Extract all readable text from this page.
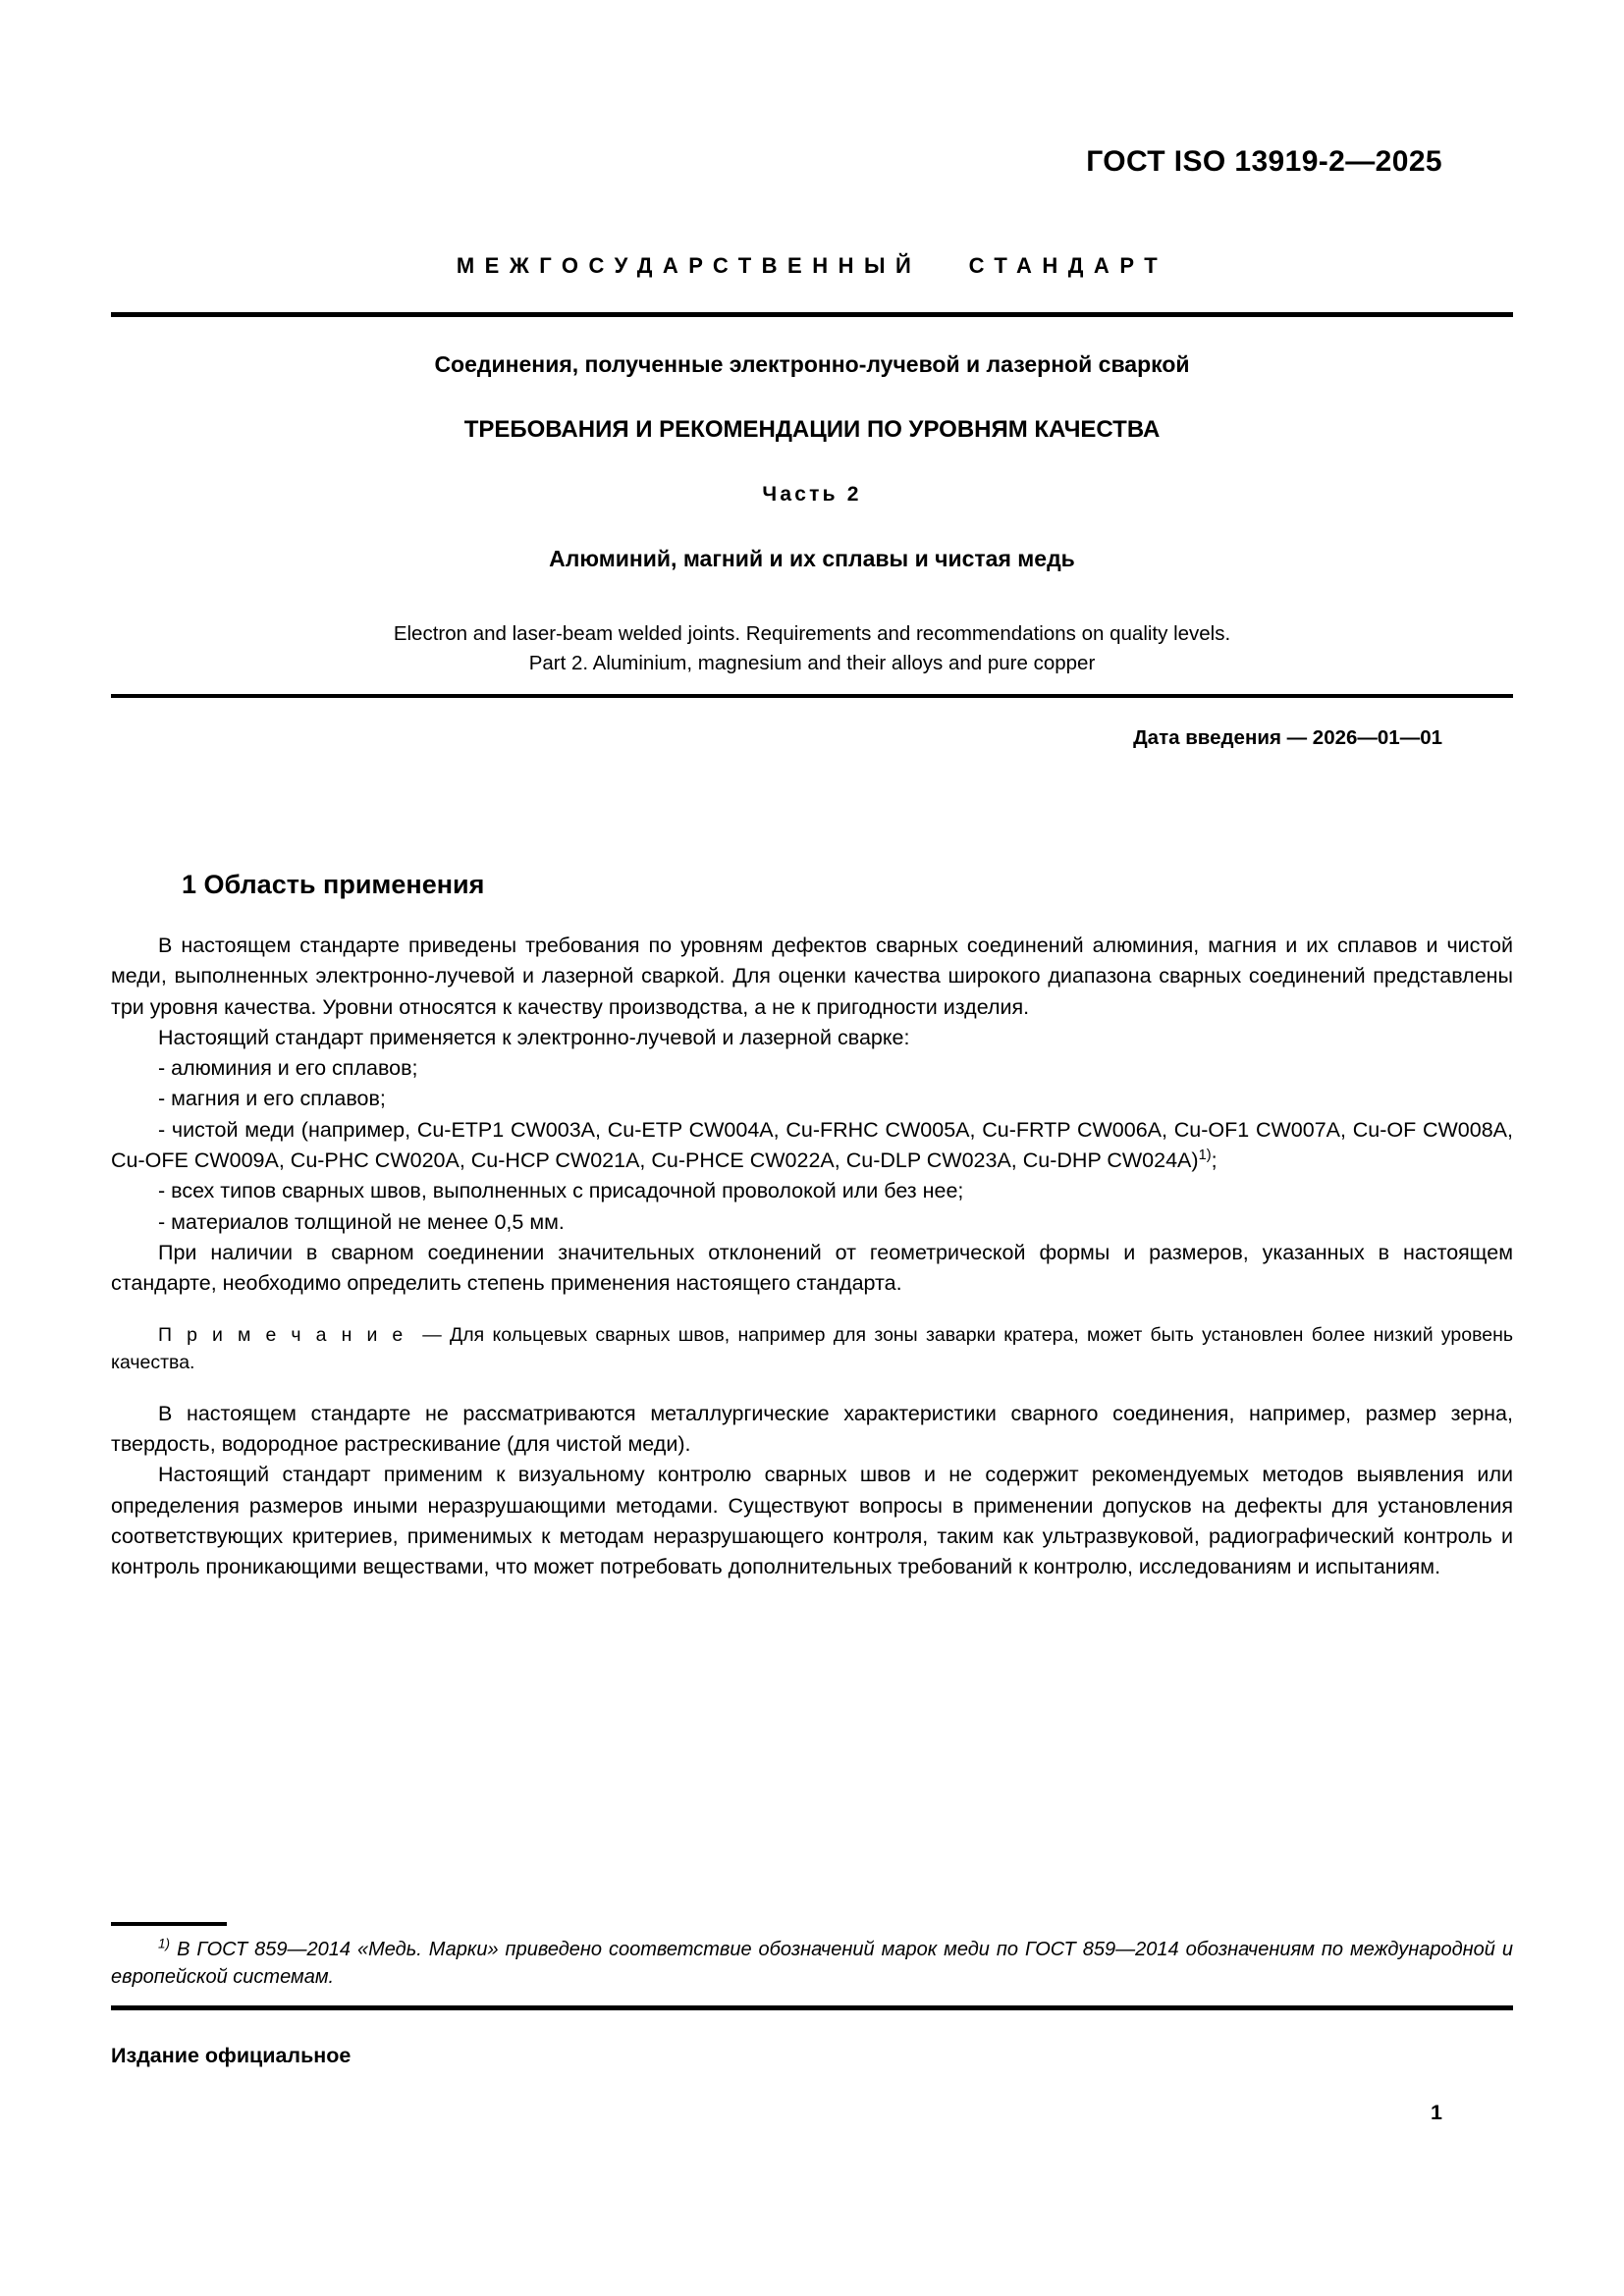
ГОСТ ISO 13919-2—2025
МЕЖГОСУДАРСТВЕННЫЙ СТАНДАРТ

Соединения, полученные электронно-лучевой и лазерной сваркой

ТРЕБОВАНИЯ И РЕКОМЕНДАЦИИ ПО УРОВНЯМ КАЧЕСТВА

Часть 2

Алюминий, магний и их сплавы и чистая медь

Electron and laser-beam welded joints. Requirements and recommendations on quality levels.
Part 2. Aluminium, magnesium and their alloys and pure copper

Дата введения — 2026—01—01
1 Область применения

В настоящем стандарте приведены требования по уровням дефектов сварных соединений алюминия, магния и их сплавов и чистой меди, выполненных электронно-лучевой и лазерной сваркой. Для оценки качества широкого диапазона сварных соединений представлены три уровня качества. Уровни относятся к качеству производства, а не к пригодности изделия.

Настоящий стандарт применяется к электронно-лучевой и лазерной сварке:

- алюминия и его сплавов;

- магния и его сплавов;

- чистой меди (например, Cu-ETP1 CW003A, Cu-ETP CW004A, Cu-FRHC CW005A, Cu-FRTP CW006A, Cu-OF1 CW007A, Cu-OF CW008A, Cu-OFE CW009A, Cu-PHC CW020A, Cu-HCP CW021A, Cu-PHCE CW022A, Cu-DLP CW023A, Cu-DHP CW024A)$^{1)}$;

- всех типов сварных швов, выполненных с присадочной проволокой или без нее;

- материалов толщиной не менее 0,5 мм.

При наличии в сварном соединении значительных отклонений от геометрической формы и размеров, указанных в настоящем стандарте, необходимо определить степень применения настоящего стандарта.

П р и м е ч а н и е — Для кольцевых сварных швов, например для зоны заварки кратера, может быть установлен более низкий уровень качества.

В настоящем стандарте не рассматриваются металлургические характеристики сварного соединения, например, размер зерна, твердость, водородное растрескивание (для чистой меди).

Настоящий стандарт применим к визуальному контролю сварных швов и не содержит рекомендуемых методов выявления или определения размеров иными неразрушающими методами. Существуют вопросы в применении допусков на дефекты для установления соответствующих критериев, применимых к методам неразрушающего контроля, таким как ультразвуковой, радиографический контроль и контроль проникающими веществами, что может потребовать дополнительных требований к контролю, исследованиям и испытаниям.

$^{1)}$ В ГОСТ 859—2014 «Медь. Марки» приведено соответствие обозначений марок меди по ГОСТ 859—2014 обозначениям по международной и европейской системам.

Издание официальное
1
